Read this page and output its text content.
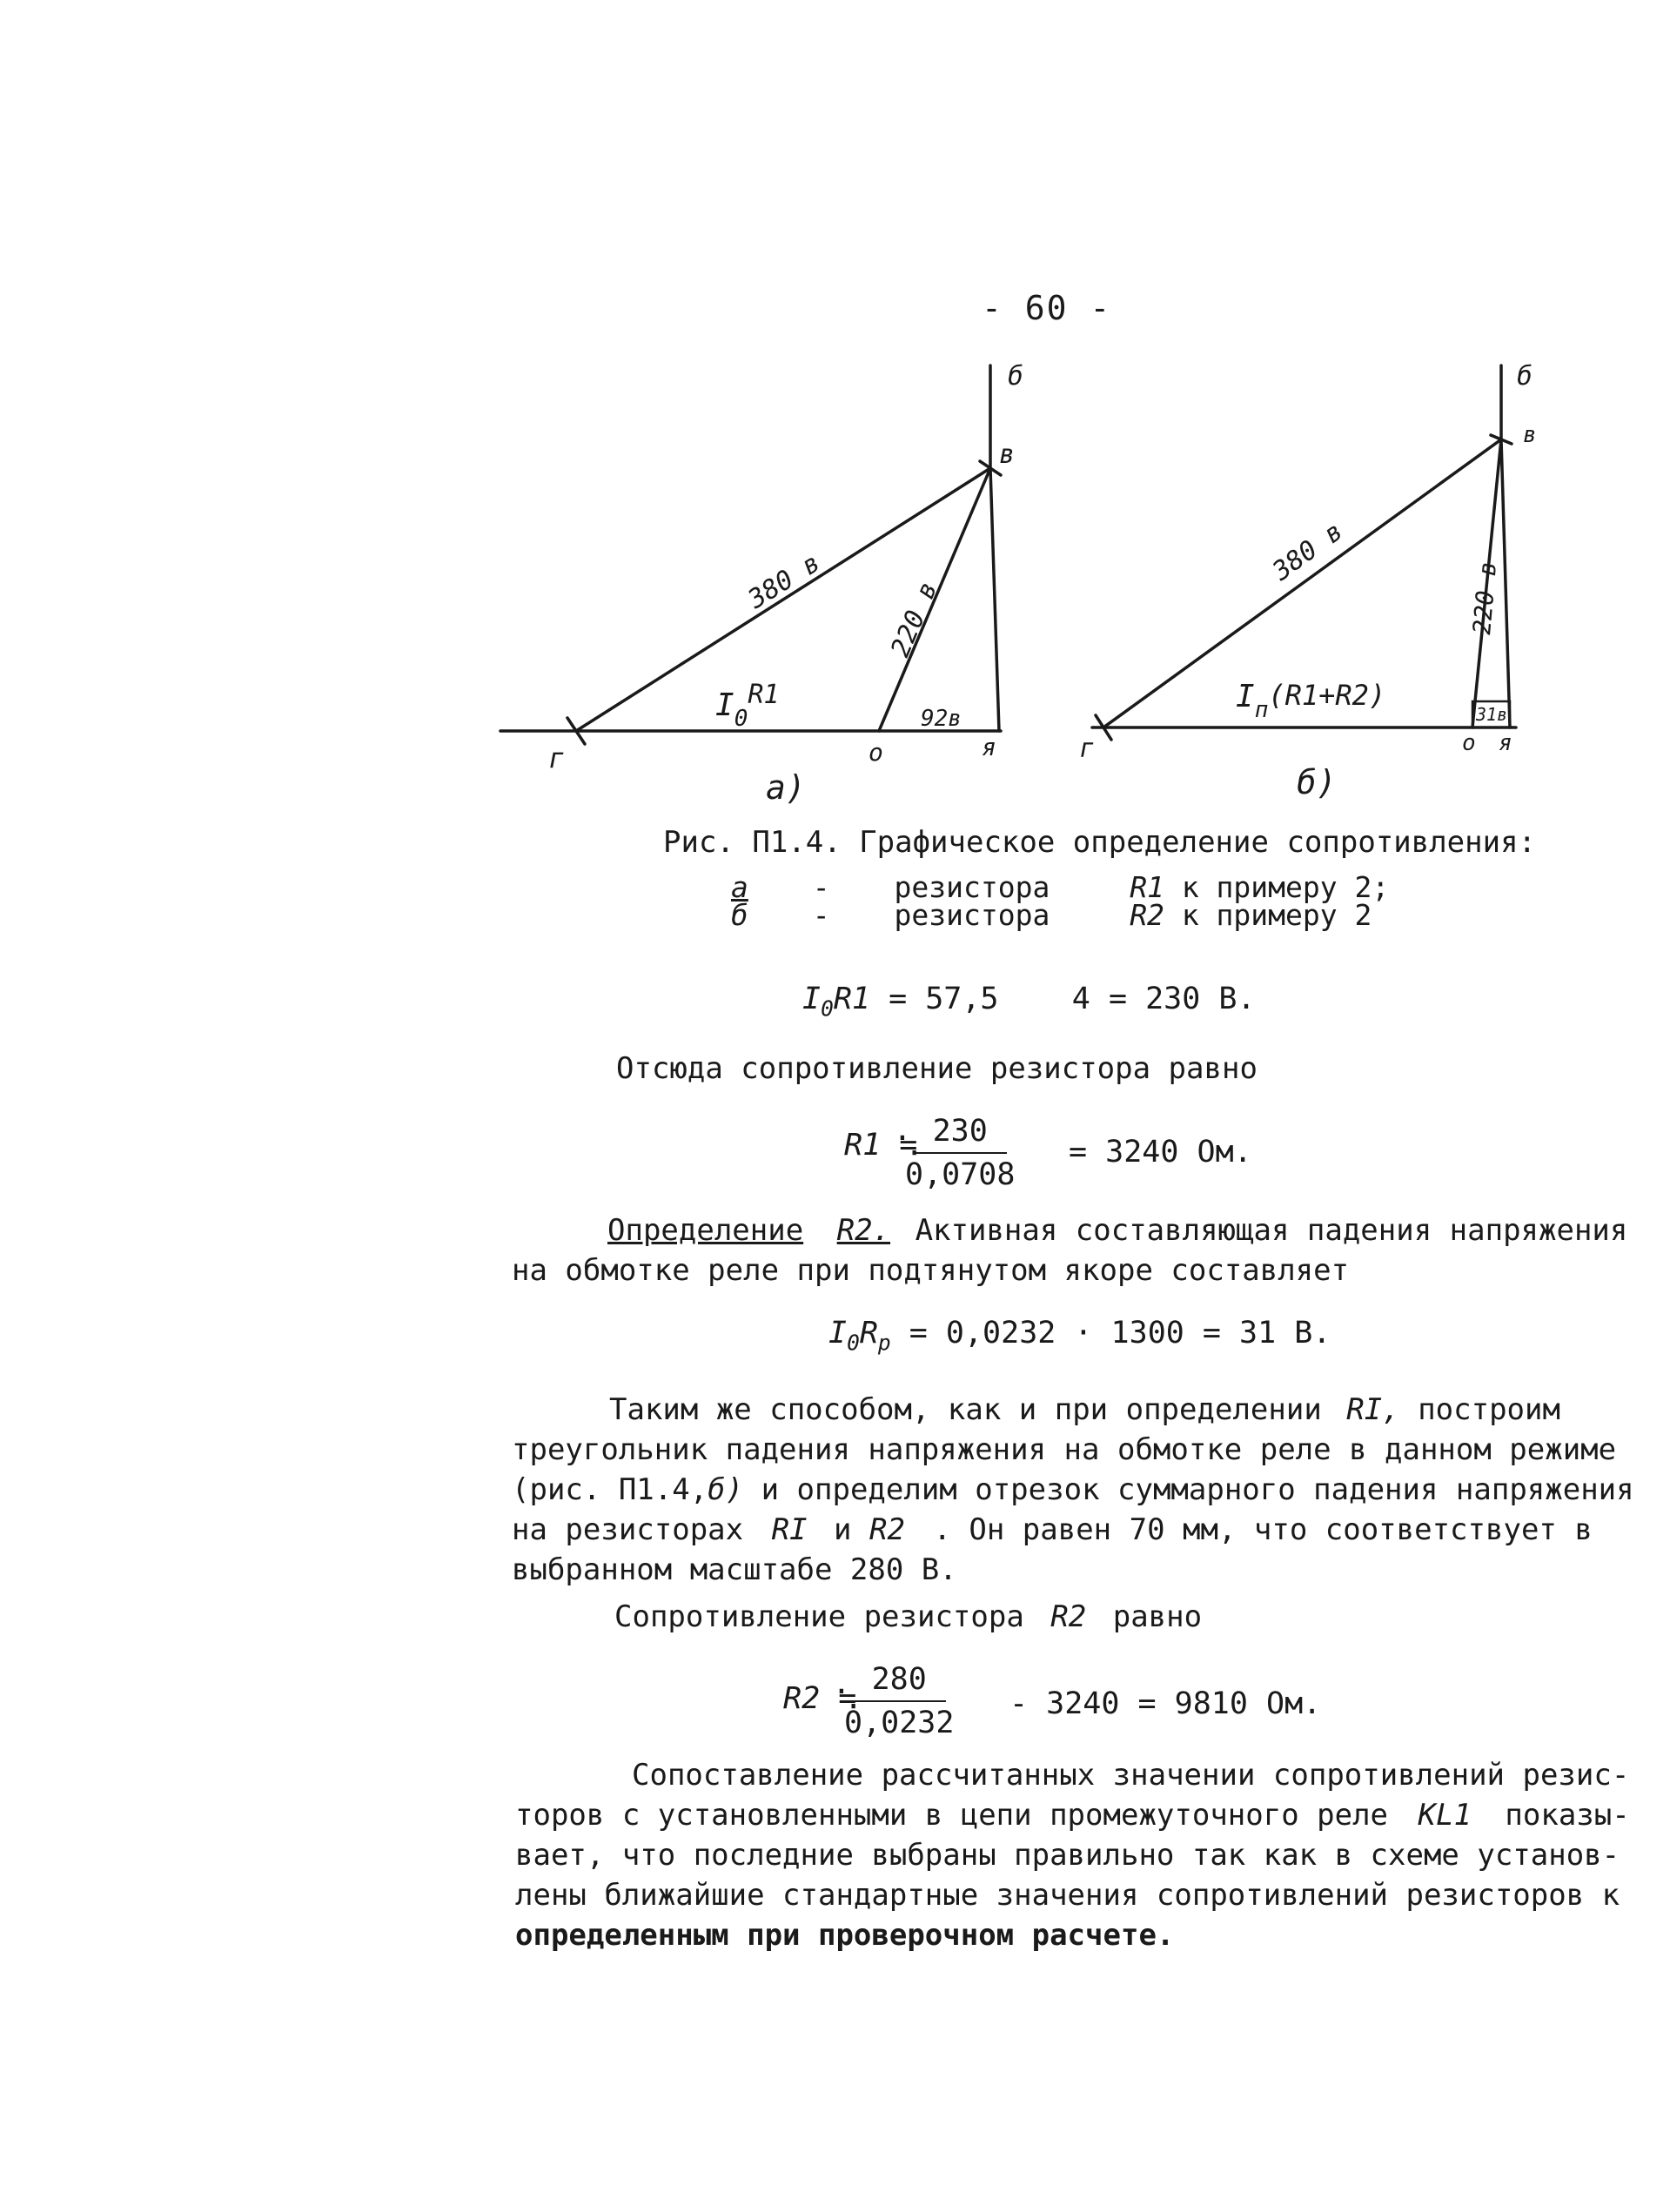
- 60 -
б
в
г	о	я
380 в 220 в
92в
$I_0^{R1}$
а)
б
в
г	о я
380 в
220 в
31в
$I_п(R1+R2)$
б)
Рис. П1.4. Графическое определение сопротивления:
а - резистора	R1 к примеру 2;
б - резистора	R2 к примеру 2
$I_0R1 = 57,5$    4 = 230 В.
Отсюда сопротивление резистора равно
R1 ≒
$\frac{230}{0,0708} = 3240$ Ом.
Определение R2. Активная составляющая падения напряжения
на обмотке реле при подтянутом якоре составляет
$I_0R_p = 0,0232 \cdot 1300 = 31$ В.
Таким же способом, как и при определении RI, построим
треугольник падения напряжения на обмотке реле в данном режиме
(рис. П1.4,б) и определим отрезок суммарного падения напряжения
на резисторах RI и R2 . Он равен 70 мм, что соответствует в
выбранном масштабе 280 В.
Сопротивление резистора R2 равно
R2 ≒
$\frac{280}{0,0232} - 3240 = 9810$ Ом.
Сопоставление рассчитанных значении сопротивлений резис-
торов с установленными в цепи промежуточного реле KL1 показы-
вает, что последние выбраны правильно так как в схеме установ-
лены ближайшие стандартные значения сопротивлений резисторов к
определенным при проверочном расчете.
